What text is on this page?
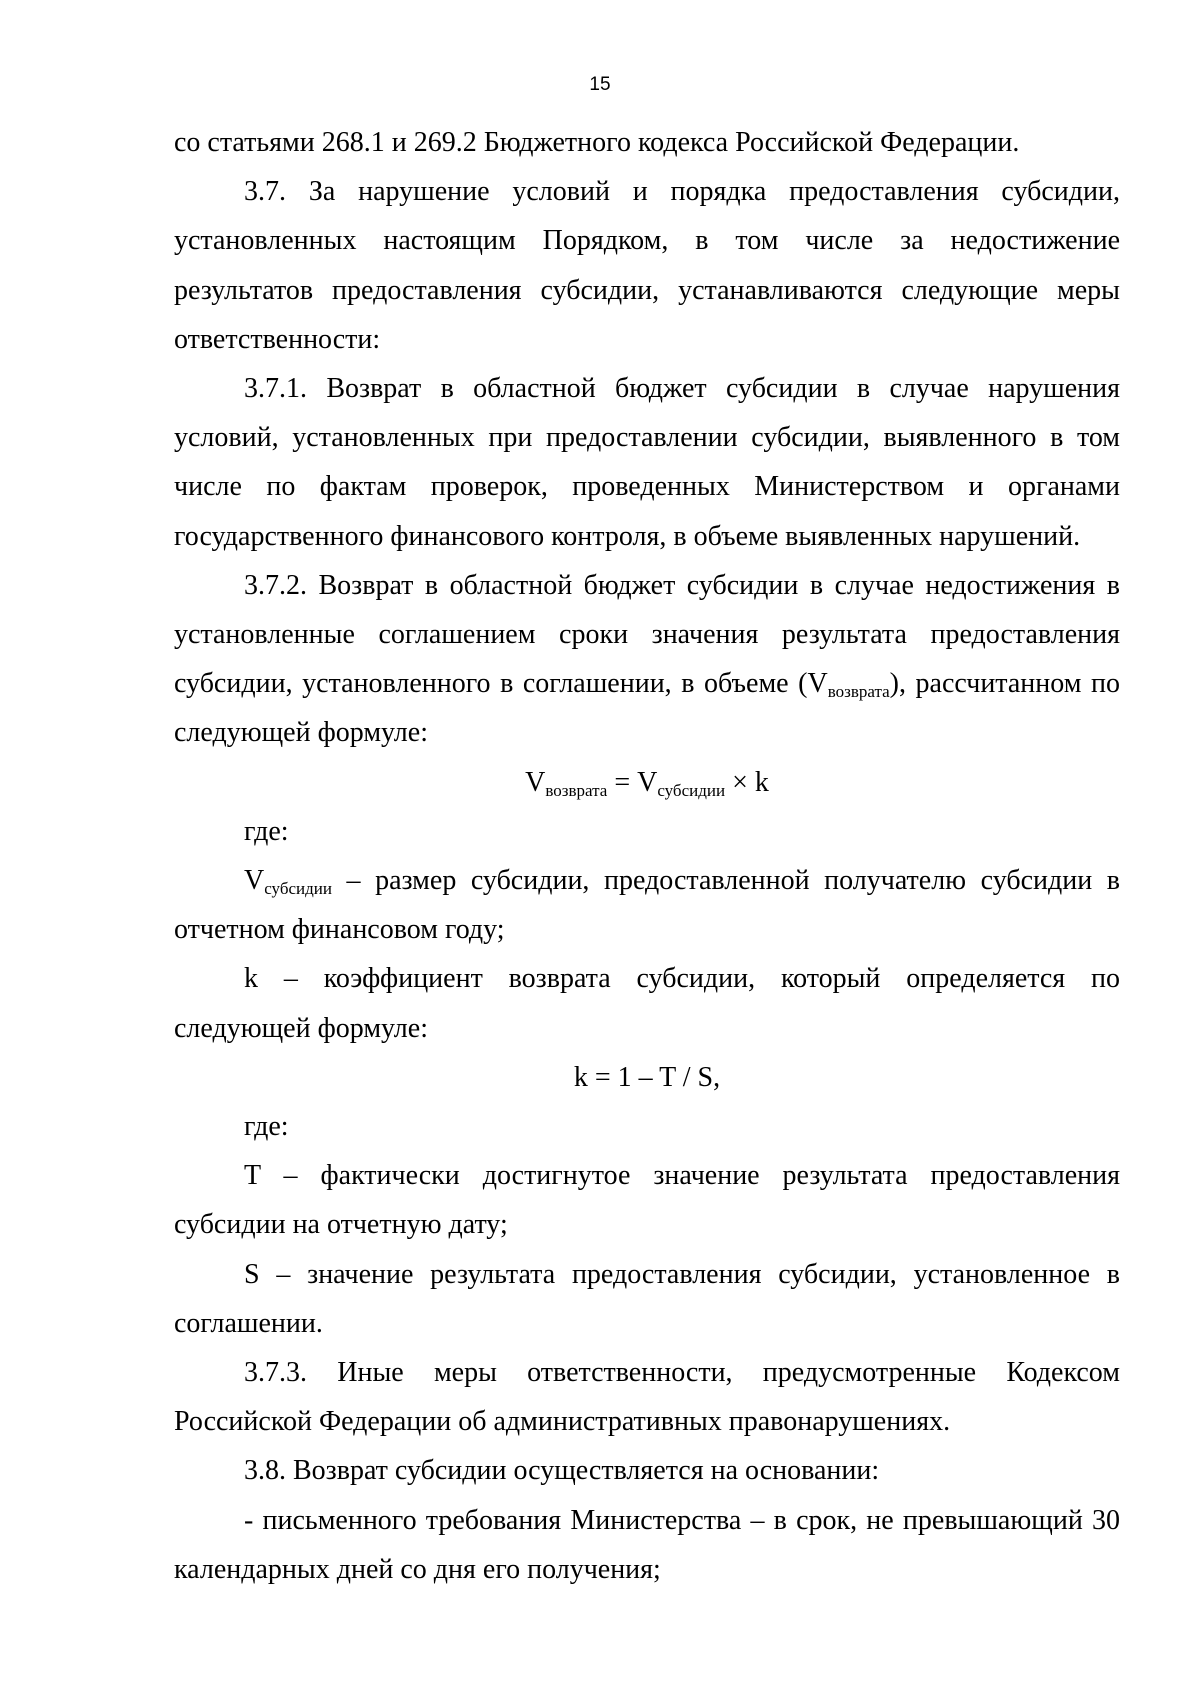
15

со статьями 268.1 и 269.2 Бюджетного кодекса Российской Федерации.

3.7. За нарушение условий и порядка предоставления субсидии, установленных настоящим Порядком, в том числе за недостижение результатов предоставления субсидии, устанавливаются следующие меры ответственности:

3.7.1. Возврат в областной бюджет субсидии в случае нарушения условий, установленных при предоставлении субсидии, выявленного в том числе по фактам проверок, проведенных Министерством и органами государственного финансового контроля, в объеме выявленных нарушений.

3.7.2. Возврат в областной бюджет субсидии в случае недостижения в установленные соглашением сроки значения результата предоставления субсидии, установленного в соглашении, в объеме $(V_{возврата})$, рассчитанном по следующей формуле:

$V_{возврата} = V_{субсидии} \times k$

где:

$V_{субсидии}$ – размер субсидии, предоставленной получателю субсидии в отчетном финансовом году;

k – коэффициент возврата субсидии, который определяется по следующей формуле:

k = 1 – T / S,

где:

T – фактически достигнутое значение результата предоставления субсидии на отчетную дату;

S – значение результата предоставления субсидии, установленное в соглашении.

3.7.3. Иные меры ответственности, предусмотренные Кодексом Российской Федерации об административных правонарушениях.

3.8. Возврат субсидии осуществляется на основании:

- письменного требования Министерства – в срок, не превышающий 30 календарных дней со дня его получения;
